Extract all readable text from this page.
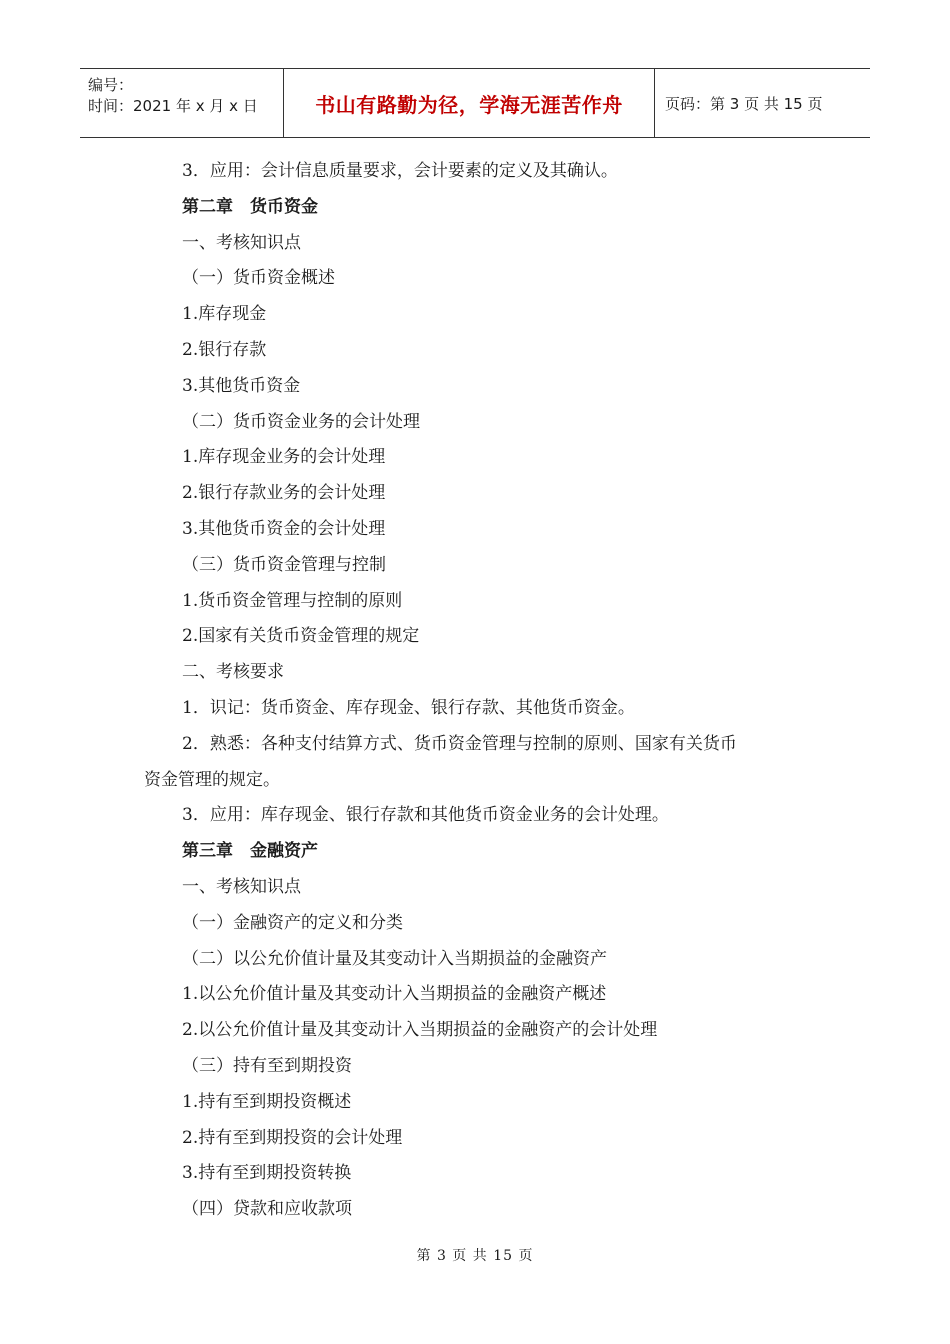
编号：
时间：2021 年 x 月 x 日	书山有路勤为径，学海无涯苦作舟	页码：第 3 页 共 15 页
3．应用：会计信息质量要求，会计要素的定义及其确认。
第二章　货币资金
一、考核知识点
（一）货币资金概述
1.库存现金
2.银行存款
3.其他货币资金
（二）货币资金业务的会计处理
1.库存现金业务的会计处理
2.银行存款业务的会计处理
3.其他货币资金的会计处理
（三）货币资金管理与控制
1.货币资金管理与控制的原则
2.国家有关货币资金管理的规定
二、考核要求
1．识记：货币资金、库存现金、银行存款、其他货币资金。
2．熟悉：各种支付结算方式、货币资金管理与控制的原则、国家有关货币
资金管理的规定。
3．应用：库存现金、银行存款和其他货币资金业务的会计处理。
第三章　金融资产
一、考核知识点
（一）金融资产的定义和分类
（二）以公允价值计量及其变动计入当期损益的金融资产
1.以公允价值计量及其变动计入当期损益的金融资产概述
2.以公允价值计量及其变动计入当期损益的金融资产的会计处理
（三）持有至到期投资
1.持有至到期投资概述
2.持有至到期投资的会计处理
3.持有至到期投资转换
（四）贷款和应收款项
第 3 页 共 15 页
